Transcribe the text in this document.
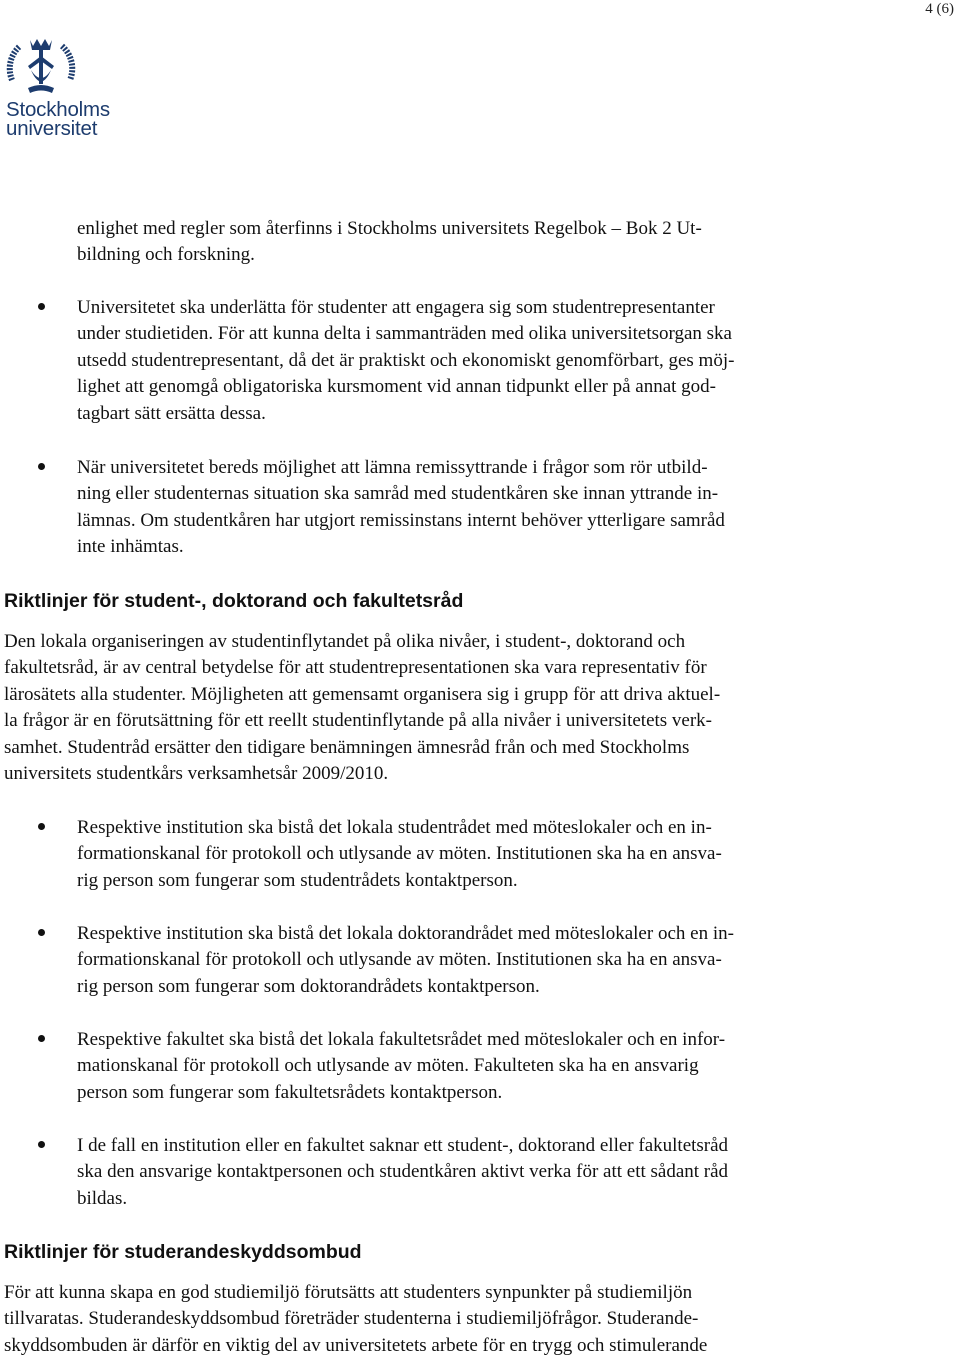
4 (6)
Stockholms
universitet
enlighet med regler som återfinns i Stockholms universitets Regelbok – Bok 2 Ut-
bildning och forskning.
Universitetet ska underlätta för studenter att engagera sig som studentrepresentanter
under studietiden. För att kunna delta i sammanträden med olika universitetsorgan ska
utsedd studentrepresentant, då det är praktiskt och ekonomiskt genomförbart, ges möj-
lighet att genomgå obligatoriska kursmoment vid annan tidpunkt eller på annat god-
tagbart sätt ersätta dessa.
När universitetet bereds möjlighet att lämna remissyttrande i frågor som rör utbild-
ning eller studenternas situation ska samråd med studentkåren ske innan yttrande in-
lämnas. Om studentkåren har utgjort remissinstans internt behöver ytterligare samråd
inte inhämtas.
Riktlinjer för student-, doktorand och fakultetsråd
Den lokala organiseringen av studentinflytandet på olika nivåer, i student-, doktorand och
fakultetsråd, är av central betydelse för att studentrepresentationen ska vara representativ för
lärosätets alla studenter. Möjligheten att gemensamt organisera sig i grupp för att driva aktuel-
la frågor är en förutsättning för ett reellt studentinflytande på alla nivåer i universitetets verk-
samhet. Studentråd ersätter den tidigare benämningen ämnesråd från och med Stockholms
universitets studentkårs verksamhetsår 2009/2010.
Respektive institution ska bistå det lokala studentrådet med möteslokaler och en in-
formationskanal för protokoll och utlysande av möten. Institutionen ska ha en ansva-
rig person som fungerar som studentrådets kontaktperson.
Respektive institution ska bistå det lokala doktorandrådet med möteslokaler och en in-
formationskanal för protokoll och utlysande av möten. Institutionen ska ha en ansva-
rig person som fungerar som doktorandrådets kontaktperson.
Respektive fakultet ska bistå det lokala fakultetsrådet med möteslokaler och en infor-
mationskanal för protokoll och utlysande av möten. Fakulteten ska ha en ansvarig
person som fungerar som fakultetsrådets kontaktperson.
I de fall en institution eller en fakultet saknar ett student-, doktorand eller fakultetsråd
ska den ansvarige kontaktpersonen och studentkåren aktivt verka för att ett sådant råd
bildas.
Riktlinjer för studerandeskyddsombud
För att kunna skapa en god studiemiljö förutsätts att studenters synpunkter på studiemiljön
tillvaratas. Studerandeskyddsombud företräder studenterna i studiemiljöfrågor. Studerande-
skyddsombuden är därför en viktig del av universitetets arbete för en trygg och stimulerande
